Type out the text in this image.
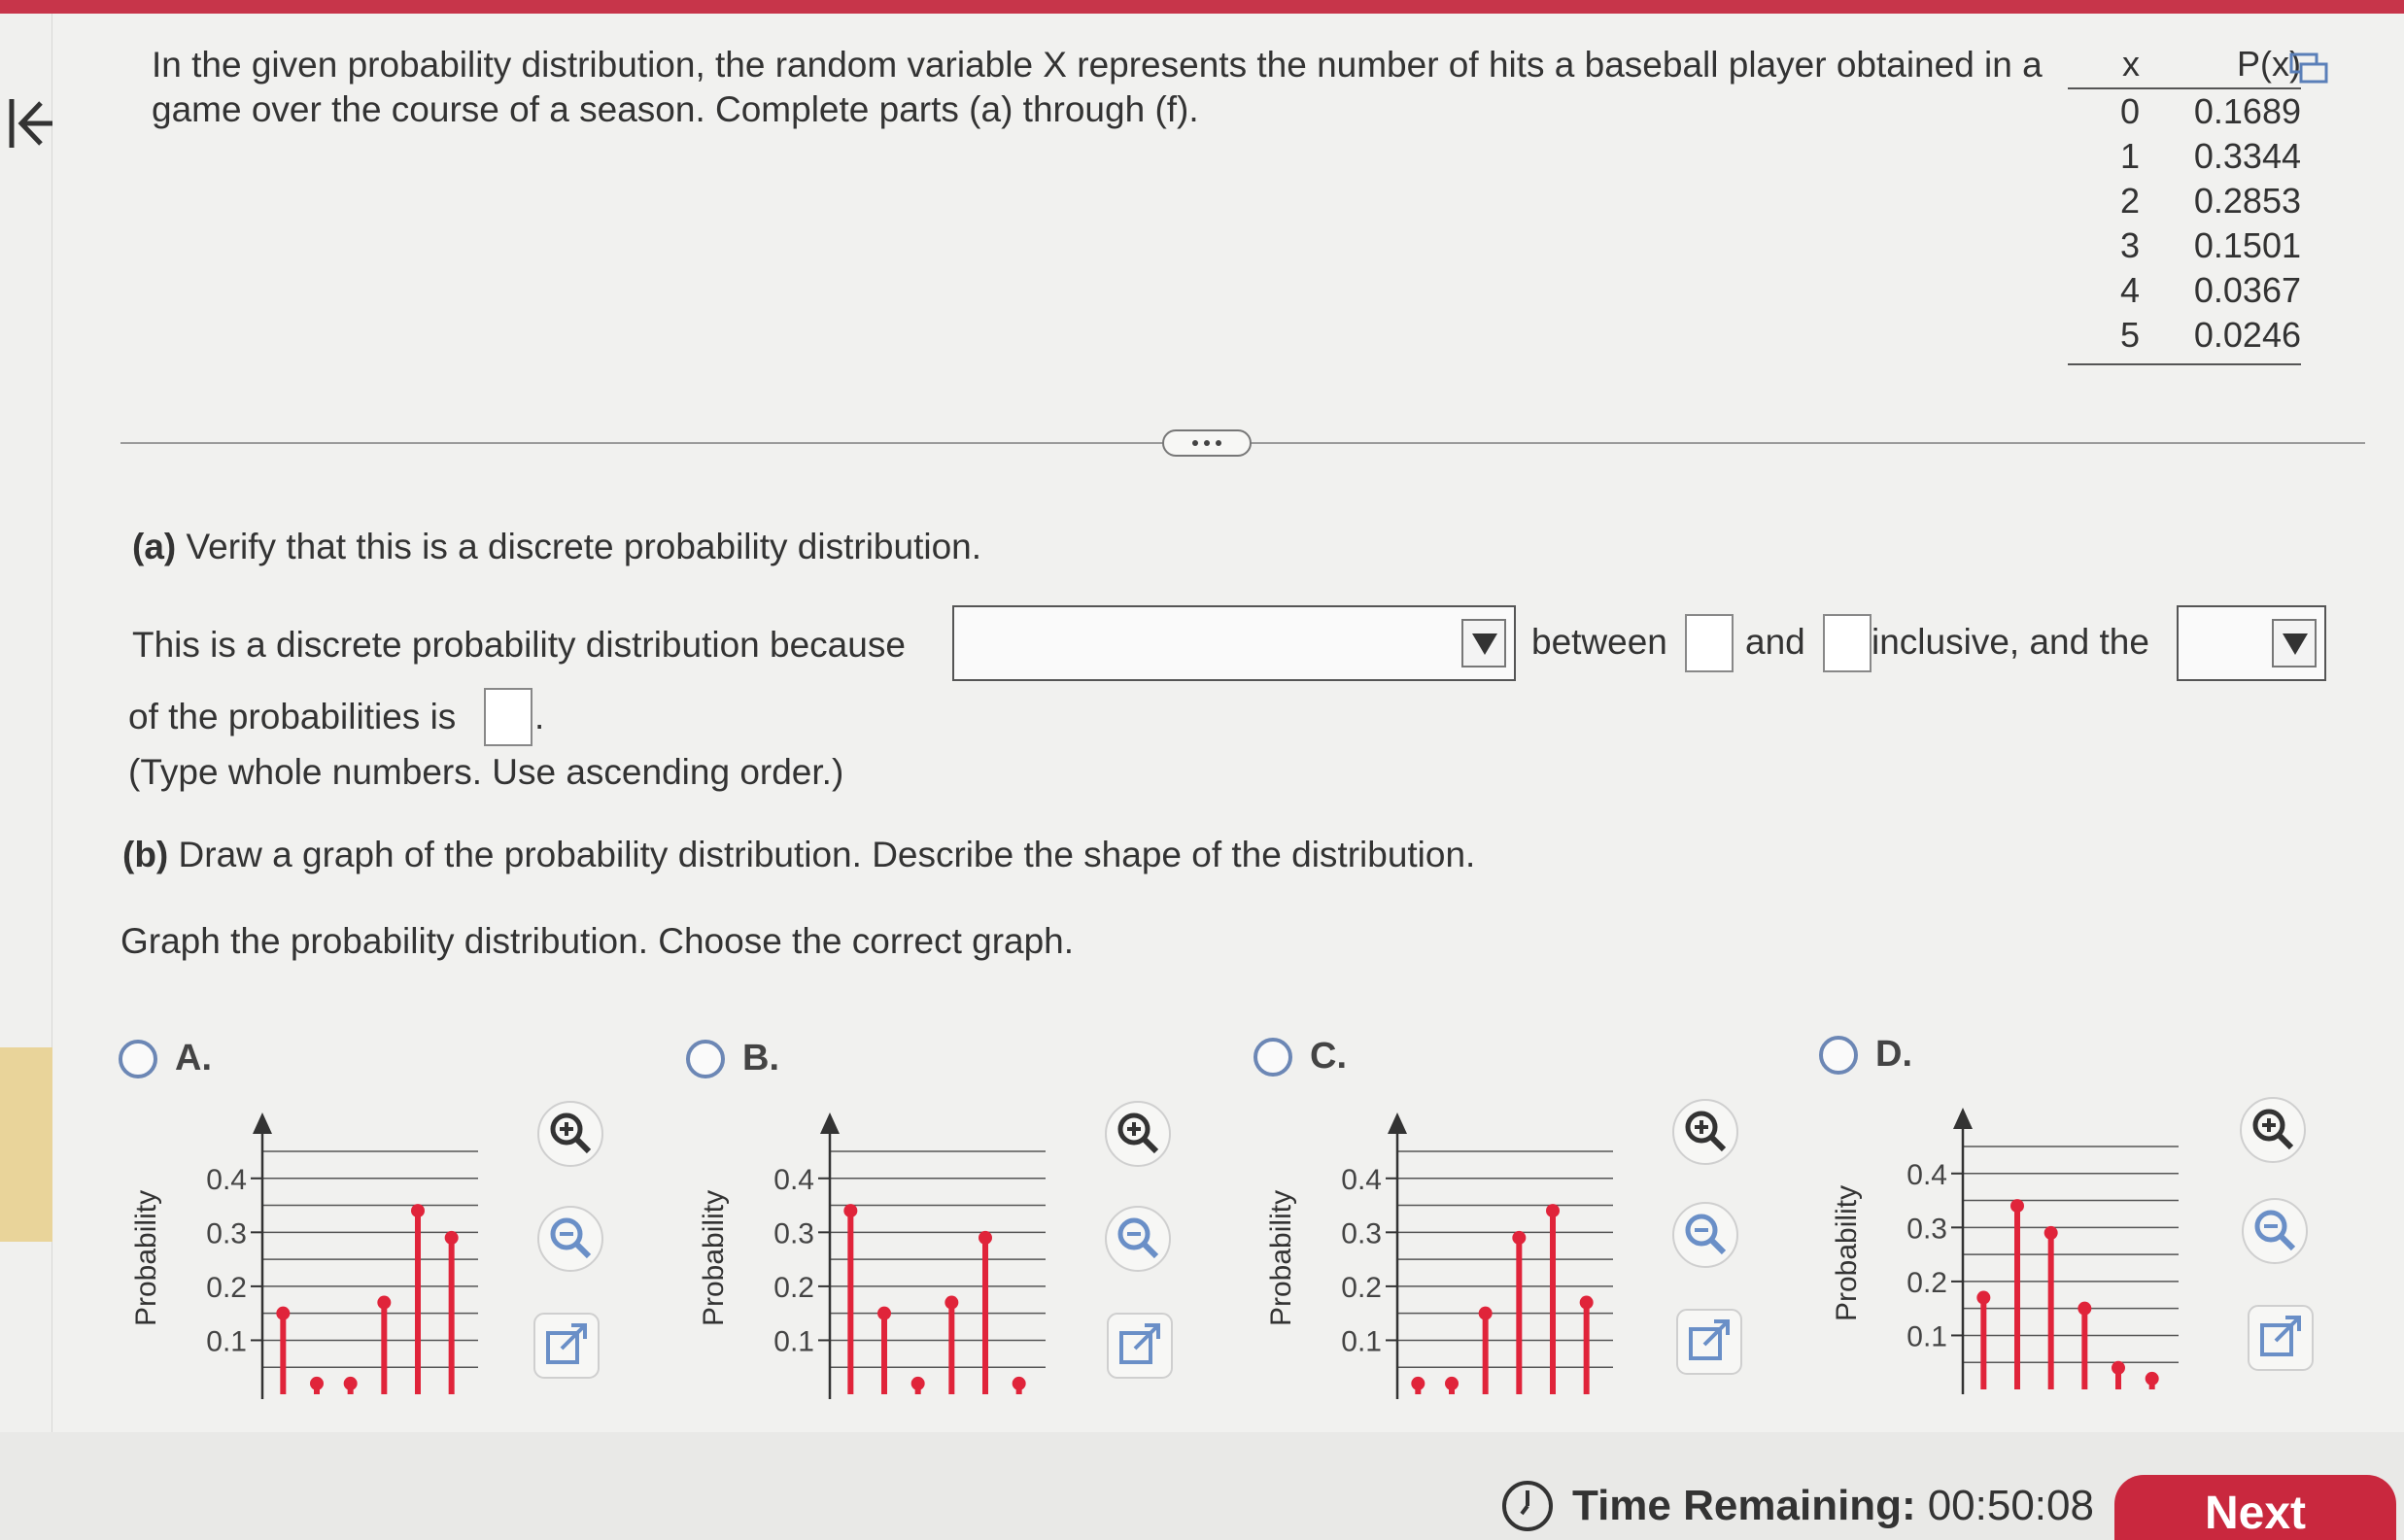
In the given probability distribution, the random variable X represents the number of hits a baseball player obtained in a game over the course of a season. Complete parts (a) through (f).

x	P(x)
0	0.1689
1	0.3344
2	0.2853
3	0.1501
4	0.0367
5	0.0246
(a) Verify that this is a discrete probability distribution.
This is a discrete probability distribution because	between and inclusive, and the
of the probabilities is .
(Type whole numbers. Use ascending order.)
(b) Draw a graph of the probability distribution. Describe the shape of the distribution.
Graph the probability distribution. Choose the correct graph.
A.	B.	C.	D.
Probability
0.1
0.2
0.3
0.4
Probability
0.1
0.2
0.3
0.4
Probability
0.1
0.2
0.3
0.4
Probability
0.1
0.2
0.3
0.4
Time Remaining: 00:50:08	Next
